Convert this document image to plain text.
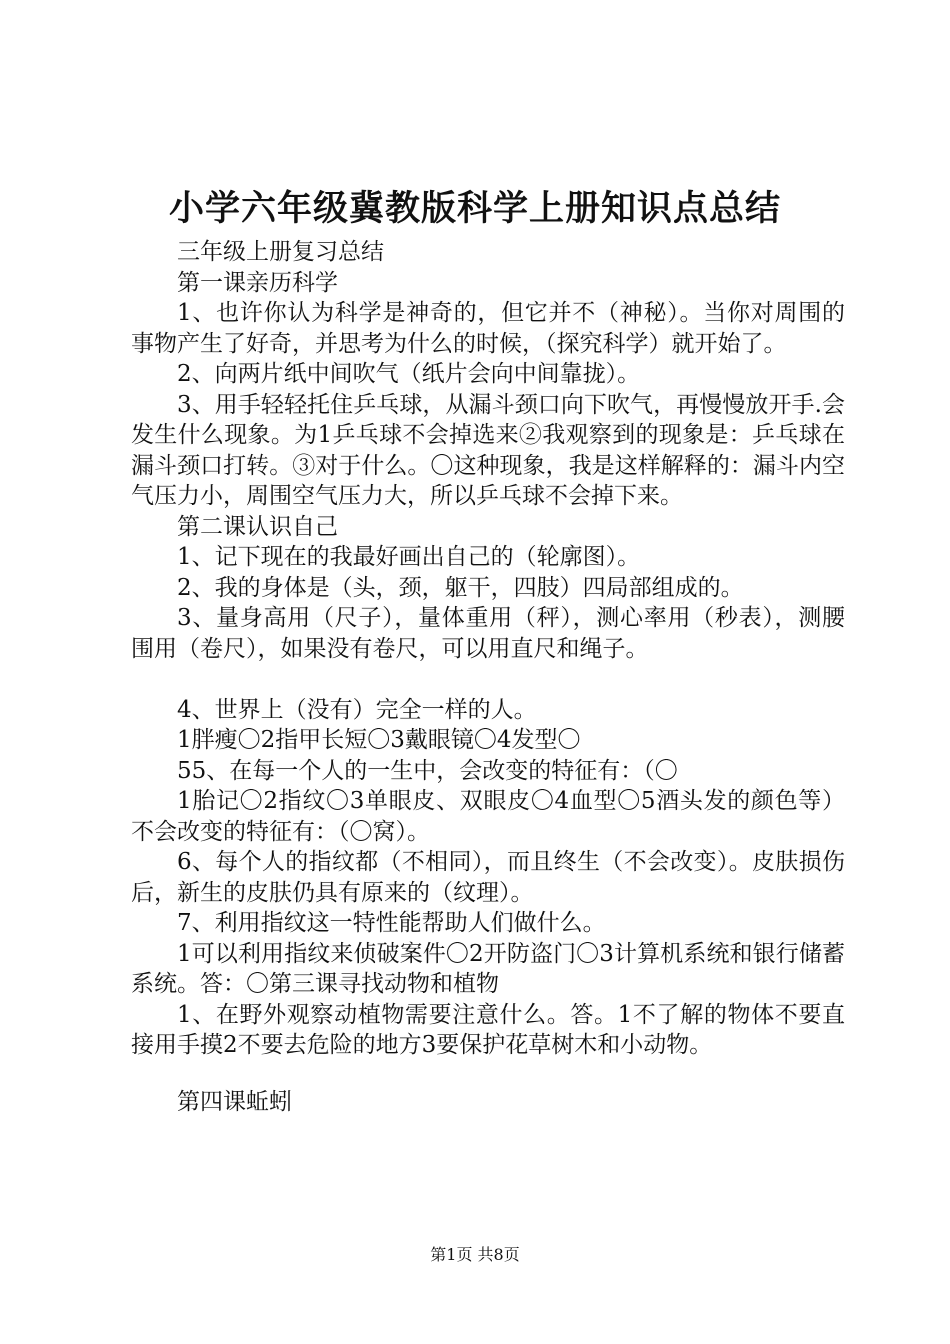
小学六年级冀教版科学上册知识点总结

三年级上册复习总结

第一课亲历科学

1、也许你认为科学是神奇的，但它并不（神秘）。当你对周围的事物产生了好奇，并思考为什么的时候，（探究科学）就开始了。

2、向两片纸中间吹气（纸片会向中间靠拢）。

3、用手轻轻托住乒乓球，从漏斗颈口向下吹气，再慢慢放开手.会发生什么现象。为1乒乓球不会掉选来②我观察到的现象是：乒乓球在漏斗颈口打转。③对于什么。〇这种现象，我是这样解释的：漏斗内空气压力小，周围空气压力大，所以乒乓球不会掉下来。

第二课认识自己

1、记下现在的我最好画出自己的（轮廓图）。

2、我的身体是（头，颈，躯干，四肢）四局部组成的。

3、量身高用（尺子），量体重用（秤），测心率用（秒表），测腰围用（卷尺），如果没有卷尺，可以用直尺和绳子。

4、世界上（没有）完全一样的人。

1胖瘦〇2指甲长短〇3戴眼镜〇4发型〇

55、在每一个人的一生中，会改变的特征有：（〇

1胎记〇2指纹〇3单眼皮、双眼皮〇4血型〇5酒头发的颜色等）不会改变的特征有：（〇窝）。

6、每个人的指纹都（不相同），而且终生（不会改变）。皮肤损伤后，新生的皮肤仍具有原来的（纹理）。

7、利用指纹这一特性能帮助人们做什么。

1可以利用指纹来侦破案件〇2开防盗门〇3计算机系统和银行储蓄系统。答：〇第三课寻找动物和植物

1、在野外观察动植物需要注意什么。答。1不了解的物体不要直接用手摸2不要去危险的地方3要保护花草树木和小动物。

第四课蚯蚓

第1页 共8页
